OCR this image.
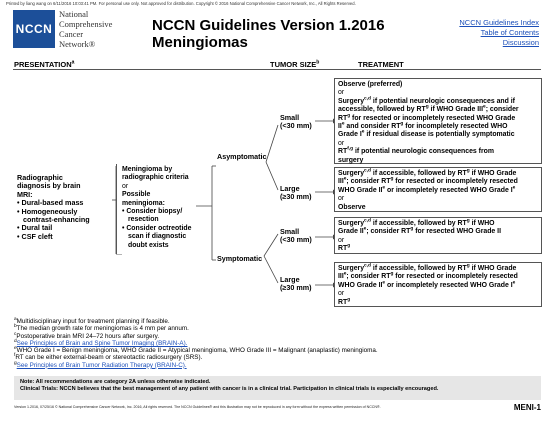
Printed by liang wang on 6/11/2016 10:03:41 PM. For personal use only. Not approved for distribution. Copyright © 2016 National Comprehensive Cancer Network, Inc., All Rights Reserved.
NCCN
National
Comprehensive
Cancer
Network®
NCCN Guidelines Version 1.2016
Meningiomas
NCCN Guidelines Index
Table of Contents
Discussion
PRESENTATION$^a$	TUMOR SIZE$^b$	TREATMENT
Radiographic
diagnosis by brain
MRI:
• Dural-based mass
• Homogeneously
contrast-enhancing
• Dural tail
• CSF cleft
Meningioma by
radiographic criteria
or
Possible meningioma:
• Consider biopsy/
resection
• Consider octreotide
scan if diagnostic
doubt exists
Asymptomatic
Symptomatic
Small
(<30 mm)
Large
(≥30 mm)
Small
(<30 mm)
Large
(≥30 mm)
Observe (preferred)
or
Surgery$^{c,d}$ if potential neurologic consequences and if
accessible, followed by $RT^g$ if WHO Grade IIIe; consider
$RT^g$ for resected or incompletely resected WHO Grade
IIe and consider $RT^g$ for incompletely resected WHO
Grade Ie if residual disease is potentially symptomatic
or
RT$^{f,g}$ if potential neurologic consequences from
surgery
Surgery$^{c,d}$ if accessible, followed by $RT^g$ if WHO Grade
IIIe; consider $RT^g$ for resected or incompletely resected
WHO Grade IIe or incompletely resected WHO Grade Ie
or
Observe
Surgery$^{c,d}$ if accessible, followed by $RT^g$ if WHO
Grade IIe; consider $RT^g$ for resected WHO Grade II
or
$RT^g$
Surgery$^{c,d}$ if accessible, followed by $RT^g$ if WHO Grade
IIIe; consider $RT^g$ for resected or incompletely resected
WHO Grade IIe or incompletely resected WHO Grade Ie
or
$RT^g$
$^a$Multidisciplinary input for treatment planning if feasible.
$^b$The median growth rate for meningiomas is 4 mm per annum.
$^c$Postoperative brain MRI 24–72 hours after surgery.
$^d$See Principles of Brain and Spine Tumor Imaging (BRAIN-A).
$^e$WHO Grade I = Benign meningioma, WHO Grade II = Atypical meningioma, WHO Grade III = Malignant (anaplastic) meningioma.
$^f$RT can be either external-beam or stereotactic radiosurgery (SRS).
$^g$See Principles of Brain Tumor Radiation Therapy (BRAIN-C).
Note: All recommendations are category 2A unless otherwise indicated.
Clinical Trials: NCCN believes that the best management of any patient with cancer is in a clinical trial. Participation in clinical trials is especially encouraged.
Version 1.2016, 07/25/16 © National Comprehensive Cancer Network, Inc. 2016, All rights reserved. The NCCN Guidelines® and this illustration may not be reproduced in any form without the express written permission of NCCN®.	MENI-1
